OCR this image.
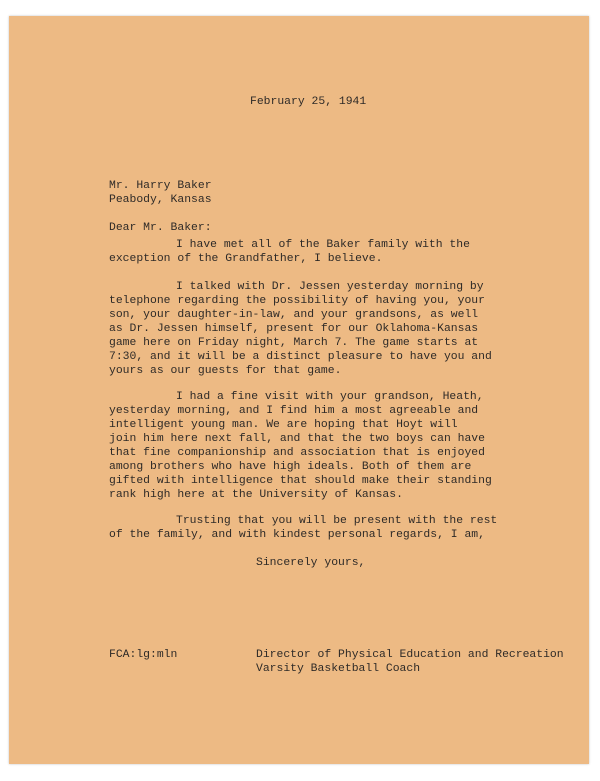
February 25, 1941
Mr. Harry Baker
Peabody, Kansas
Dear Mr. Baker:
I have met all of the Baker family with the
exception of the Grandfather, I believe.
I talked with Dr. Jessen yesterday morning by
telephone regarding the possibility of having you, your
son, your daughter-in-law, and your grandsons, as well
as Dr. Jessen himself, present for our Oklahoma-Kansas
game here on Friday night, March 7. The game starts at
7:30, and it will be a distinct pleasure to have you and
yours as our guests for that game.
I had a fine visit with your grandson, Heath,
yesterday morning, and I find him a most agreeable and
intelligent young man. We are hoping that Hoyt will
join him here next fall, and that the two boys can have
that fine companionship and association that is enjoyed
among brothers who have high ideals. Both of them are
gifted with intelligence that should make their standing
rank high here at the University of Kansas.
Trusting that you will be present with the rest
of the family, and with kindest personal regards, I am,
Sincerely yours,
FCA:lg:mln	Director of Physical Education and Recreation
Varsity Basketball Coach
